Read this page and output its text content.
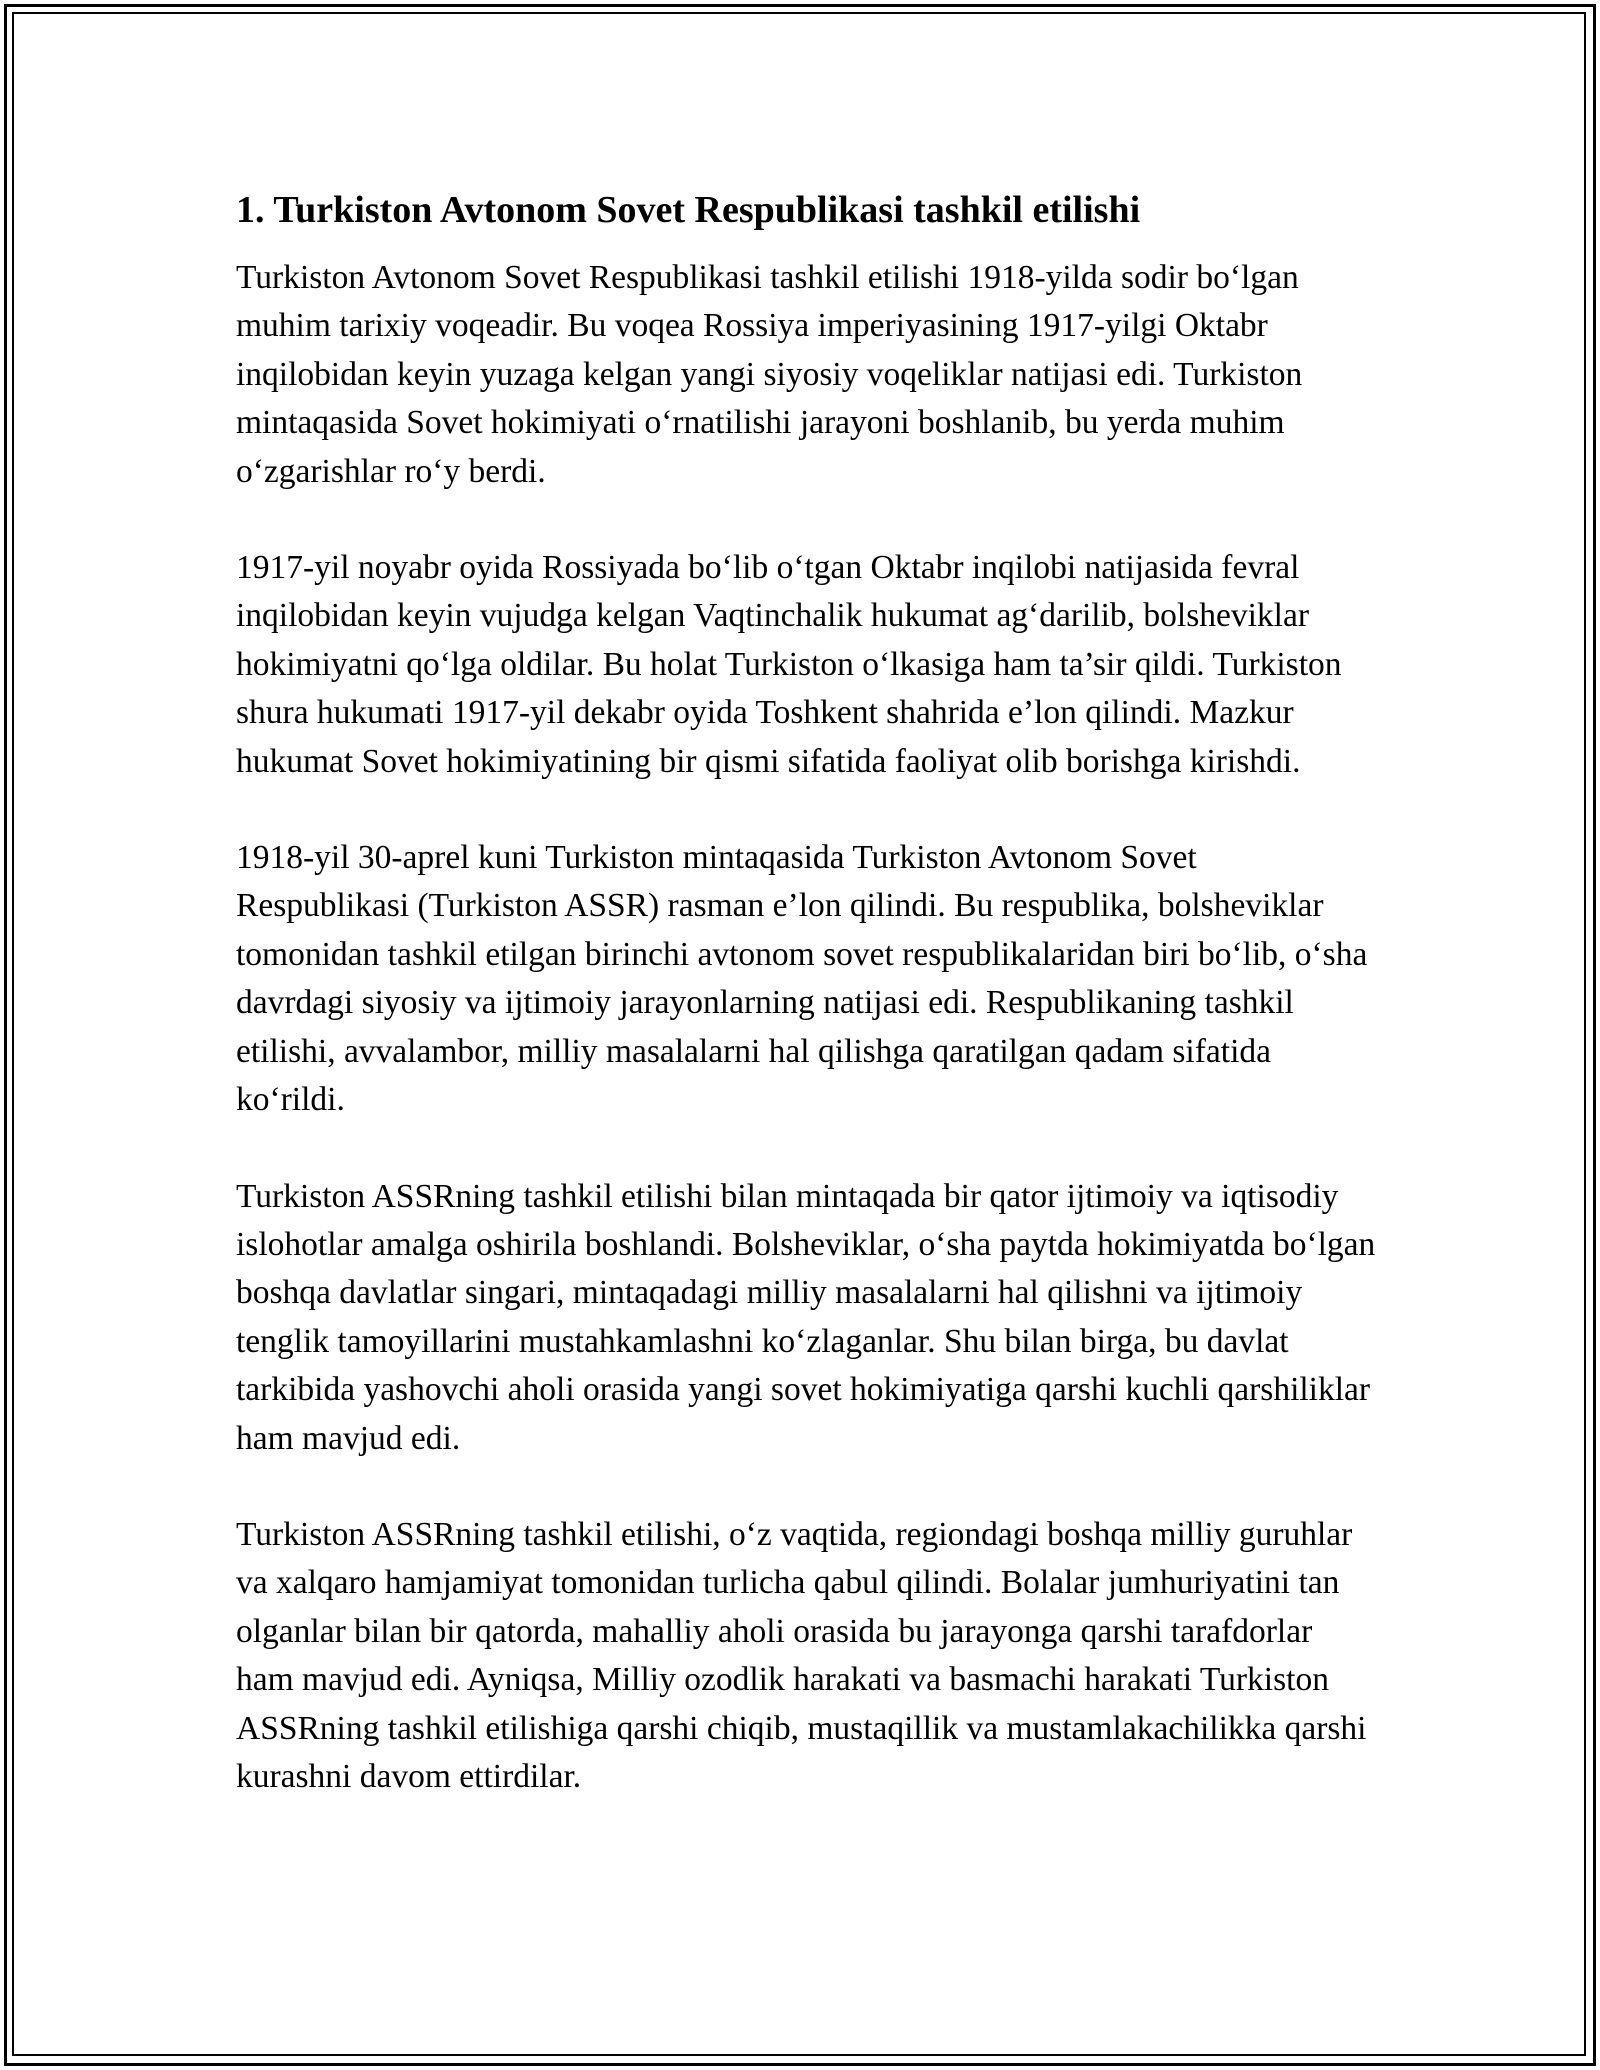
1. Turkiston Avtonom Sovet Respublikasi tashkil etilishi

Turkiston Avtonom Sovet Respublikasi tashkil etilishi 1918-yilda sodir bo‘lgan muhim tarixiy voqeadir. Bu voqea Rossiya imperiyasining 1917-yilgi Oktabr inqilobidan keyin yuzaga kelgan yangi siyosiy voqeliklar natijasi edi. Turkiston mintaqasida Sovet hokimiyati o‘rnatilishi jarayoni boshlanib, bu yerda muhim o‘zgarishlar ro‘y berdi.

1917-yil noyabr oyida Rossiyada bo‘lib o‘tgan Oktabr inqilobi natijasida fevral inqilobidan keyin vujudga kelgan Vaqtinchalik hukumat ag‘darilib, bolsheviklar hokimiyatni qo‘lga oldilar. Bu holat Turkiston o‘lkasiga ham ta’sir qildi. Turkiston shura hukumati 1917-yil dekabr oyida Toshkent shahrida e’lon qilindi. Mazkur hukumat Sovet hokimiyatining bir qismi sifatida faoliyat olib borishga kirishdi.

1918-yil 30-aprel kuni Turkiston mintaqasida Turkiston Avtonom Sovet Respublikasi (Turkiston ASSR) rasman e’lon qilindi. Bu respublika, bolsheviklar tomonidan tashkil etilgan birinchi avtonom sovet respublikalaridan biri bo‘lib, o‘sha davrdagi siyosiy va ijtimoiy jarayonlarning natijasi edi. Respublikaning tashkil etilishi, avvalambor, milliy masalalarni hal qilishga qaratilgan qadam sifatida ko‘rildi.

Turkiston ASSRning tashkil etilishi bilan mintaqada bir qator ijtimoiy va iqtisodiy islohotlar amalga oshirila boshlandi. Bolsheviklar, o‘sha paytda hokimiyatda bo‘lgan boshqa davlatlar singari, mintaqadagi milliy masalalarni hal qilishni va ijtimoiy tenglik tamoyillarini mustahkamlashni ko‘zlaganlar. Shu bilan birga, bu davlat tarkibida yashovchi aholi orasida yangi sovet hokimiyatiga qarshi kuchli qarshiliklar ham mavjud edi.

Turkiston ASSRning tashkil etilishi, o‘z vaqtida, regiondagi boshqa milliy guruhlar va xalqaro hamjamiyat tomonidan turlicha qabul qilindi. Bolalar jumhuriyatini tan olganlar bilan bir qatorda, mahalliy aholi orasida bu jarayonga qarshi tarafdorlar ham mavjud edi. Ayniqsa, Milliy ozodlik harakati va basmachi harakati Turkiston ASSRning tashkil etilishiga qarshi chiqib, mustaqillik va mustamlakachilikka qarshi kurashni davom ettirdilar.
